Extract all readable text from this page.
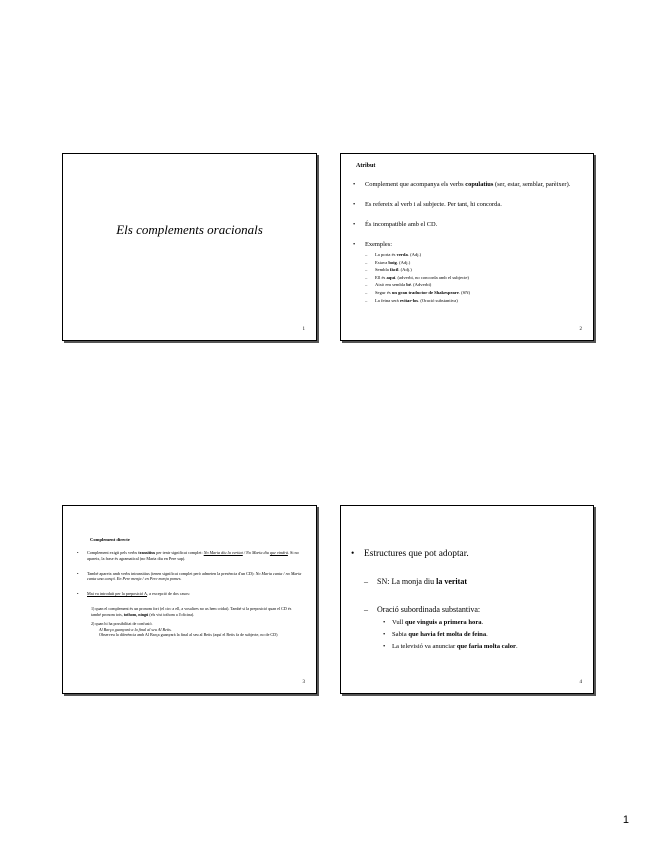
Els complements oracionals
1
Atribut
• Complement que acompanya els verbs copulatius (ser, estar, semblar, parèixer).
• Es refereix al verb i al subjecte. Per tant, hi concorda.
• És incompatible amb el CD.
• Exemples:
– La porta és verda. (Adj.)
– Estava boig. (Adj.)
– Sembla fàcil. (Adj.)
– Ell és aquí. (adverbi, no concorda amb el subjecte)
– Això em sembla bé. (Adverbi)
– Segur és un gran traductor de Shakespeare. (SN)
– La feina serà evitar-los. (Oració substantiva)
2
Complement directe
• Complement exigit pels verbs transitius per tenir significat complet: No Maria diu la veritat / No Maria diu que vindrà. Si no apareix, la frase és agramatical (no Maria diu en Pere sap).
• També apareix amb verbs intransitius (tenen significat complet però admeten la presència d'un CD): No Maria canta / no Maria canta una cançó. En Pere menja / en Pere menja pomes.
• Mai va introduït per la preposició A, a excepció de dos casos:
1) quan el complement és un pronom fort (el circ a ell, a vosaltres no us hem cridat). També si la preposició quan el CD és també pronom tots, tothom, ningú (els vist tothom a l'oficina).
2) quan hi ha possibilitat de confusió.
Al Barça guanyarà a la final al seu Al Betis.
Observeu la diferència amb Al Barça guanyarà la final al seu al Betis (aquí el Betis fa de subjecte, no de CD)
3
• Estructures que pot adoptar.
– SN: La monja diu la veritat
– Oració subordinada substantiva:
• Vull que vinguis a primera hora.
• Sabia que havia fet molta de feina.
• La televisió va anunciar que faria molta calor.
4
1
